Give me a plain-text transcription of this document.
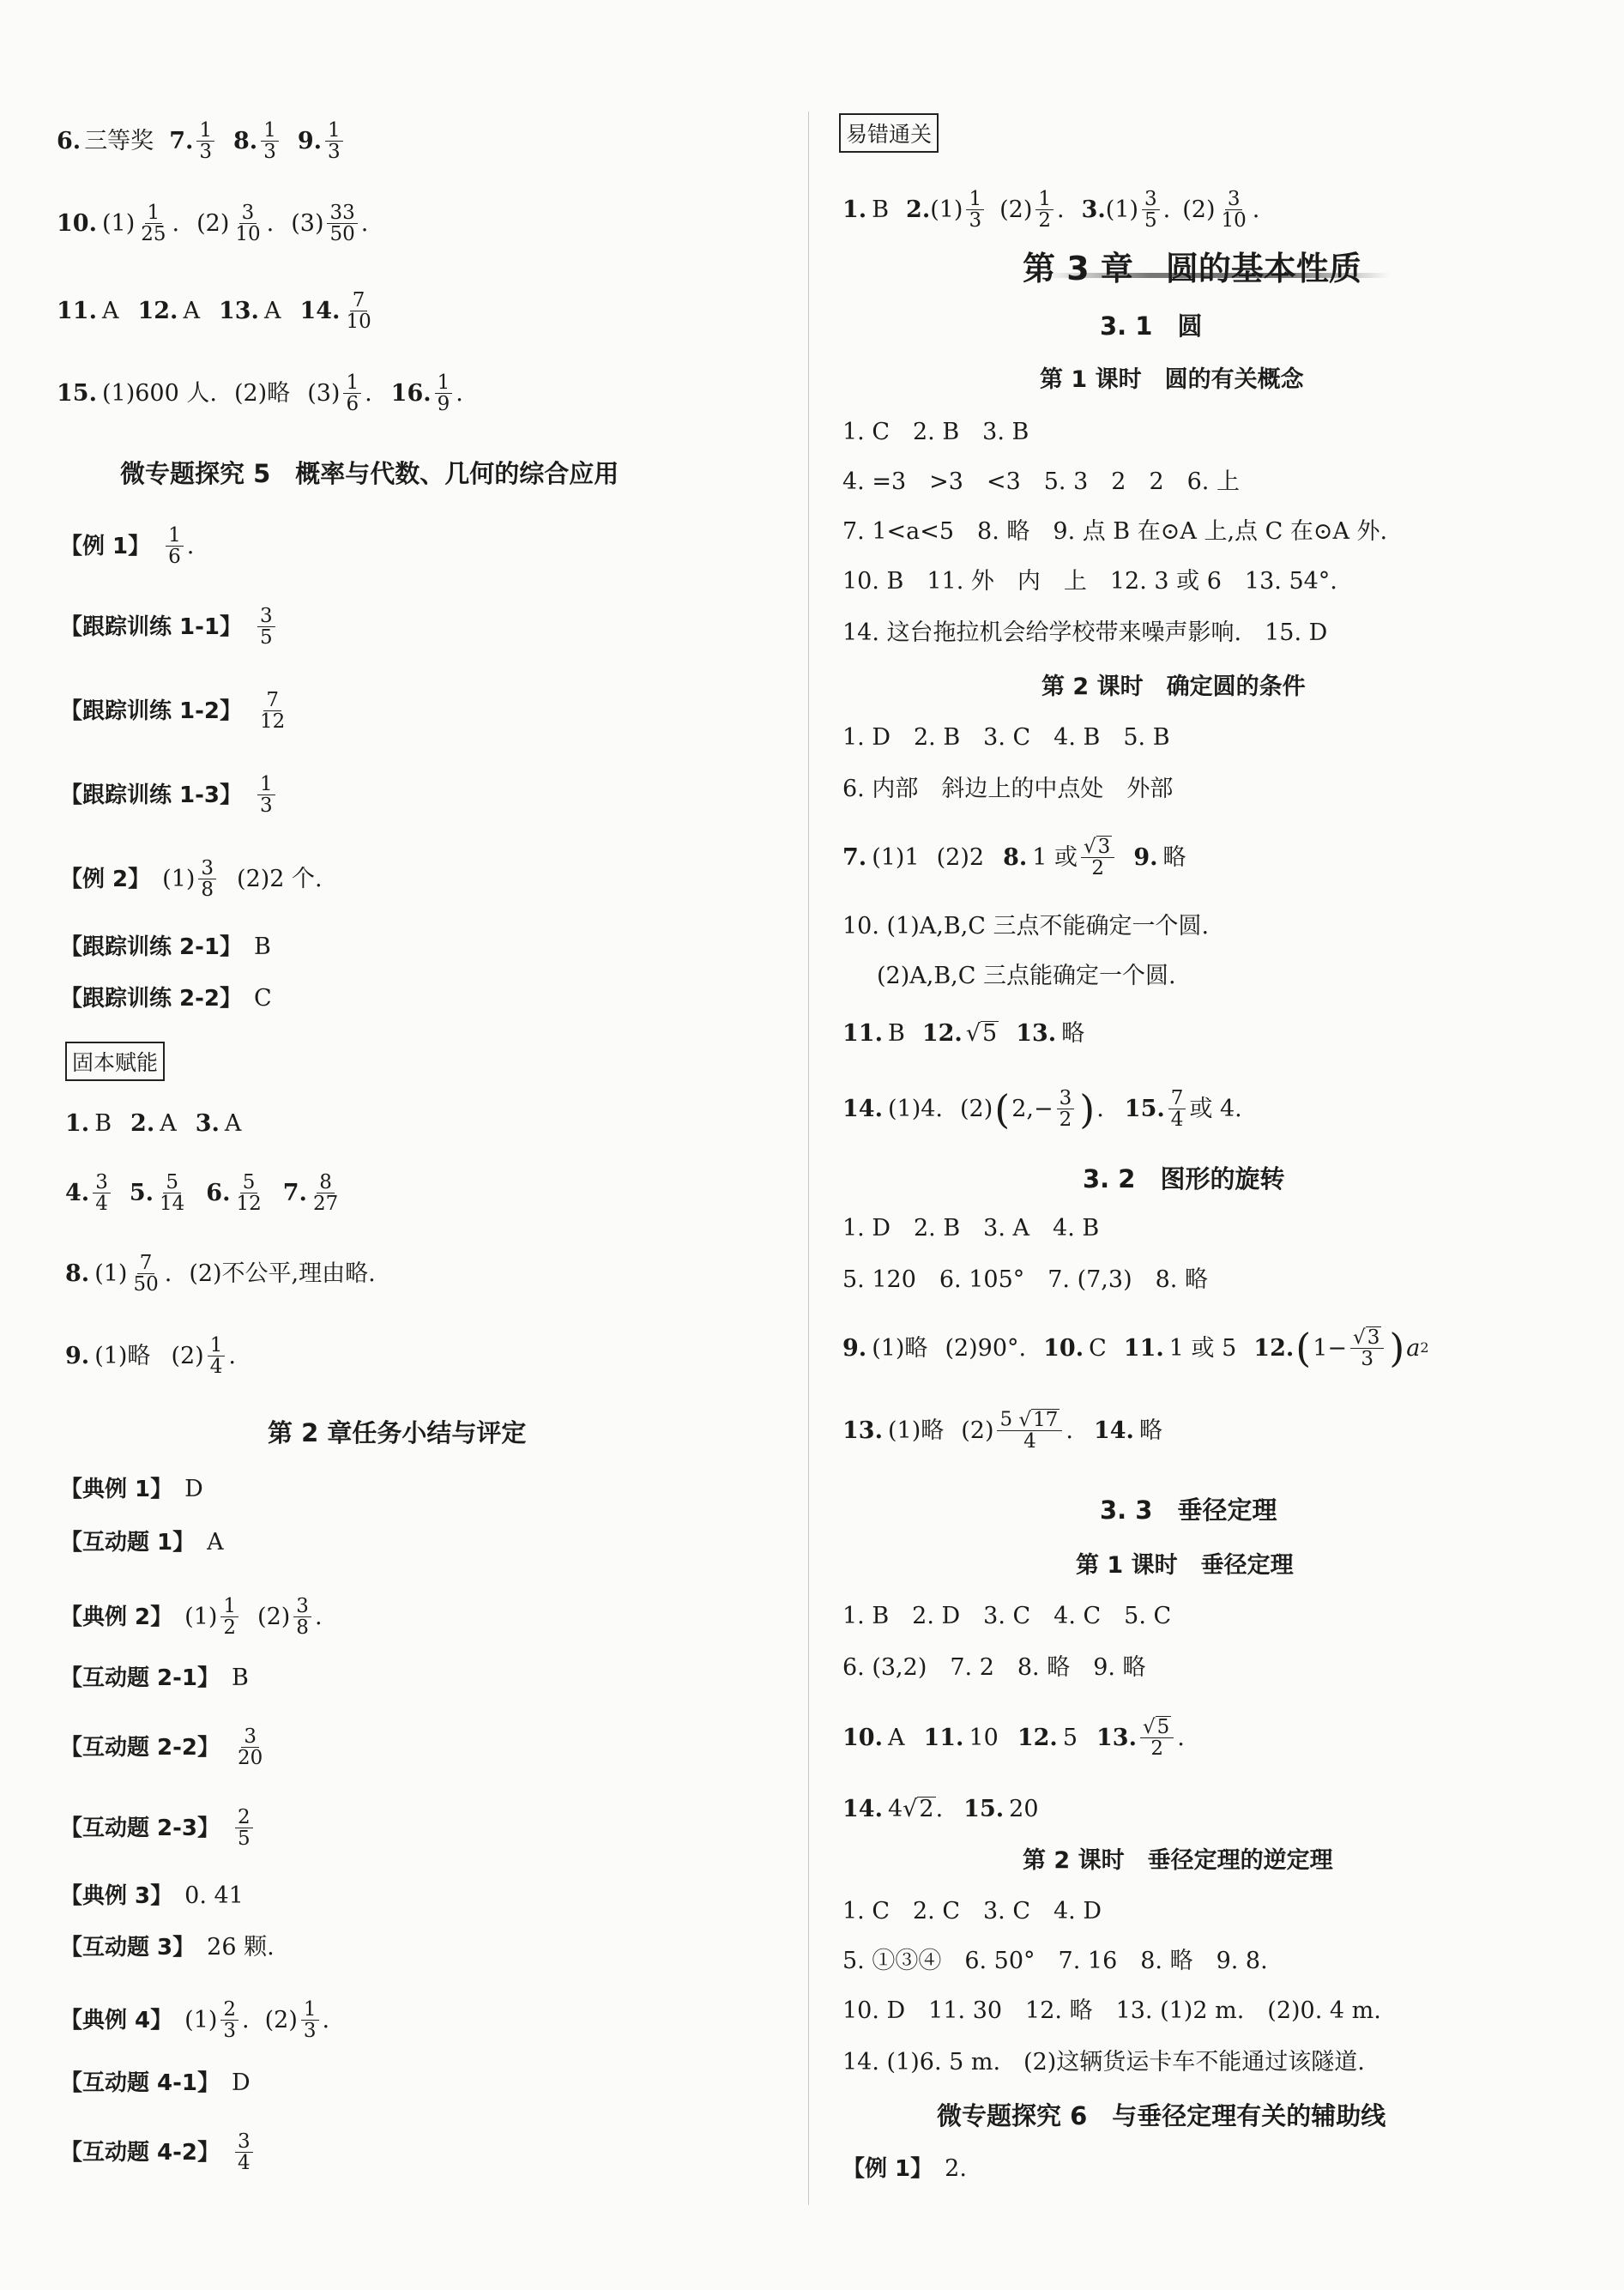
6. 三等奖 7. $\frac{1}{3} 8$. $\frac{1}{3} 9$. $\frac{1}{3}$
10. $(1) \frac{1}{25}$ . $(2) \frac{3}{10}$ . $(3) \frac{33}{50}$ .
11. A 12. A 13. A 14. $\frac{7}{10}$
15. (1)600 人. (2)略 $(3) \frac{1}{6}$ . 16. $\frac{1}{9}$ .
微专题探究 5　概率与代数、几何的综合应用
【例 1】 $\frac{1}{6}$ .
【跟踪训练 1-1】 $\frac{3}{5}$
【跟踪训练 1-2】 $\frac{7}{12}$
【跟踪训练 1-3】 $\frac{1}{3}$
【例 2】 $(1) \frac{3}{8} (2)2$ 个.
【跟踪训练 2-1】 B
【跟踪训练 2-2】 C
固本赋能
1. B 2. A 3. A
4. $\frac{3}{4} 5$. $\frac{5}{14} 6$. $\frac{5}{12} 7$. $\frac{8}{27}$
8. $(1) \frac{7}{50}$ . (2)不公平,理由略.
9. (1)略 $(2) \frac{1}{4}$ .
第 2 章任务小结与评定
【典例 1】 D
【互动题 1】 A
【典例 2】 $(1) \frac{1}{2} (2) \frac{3}{8}$ .
【互动题 2-1】 B
【互动题 2-2】 $\frac{3}{20}$
【互动题 2-3】 $\frac{2}{5}$
【典例 3】 0. 41
【互动题 3】 26 颗.
【典例 4】 $(1) \frac{2}{3}$ . $(2) \frac{1}{3}$ .
【互动题 4-1】 D
【互动题 4-2】 $\frac{3}{4}$
易错通关
1. B 2. $(1) \frac{1}{3} (2) \frac{1}{2}$ . 3. $(1) \frac{3}{5}$ . $(2) \frac{3}{10}$ .
第 3 章　圆的基本性质
3. 1　圆
第 1 课时　圆的有关概念
1. C　2. B　3. B
4. =3　>3　<3　5. 3　2　2　6. 上
7. 1<a<5　8. 略　9. 点 B 在⊙A 上,点 C 在⊙A 外.
10. B　11. 外　内　上　12. 3 或 6　13. 54°.
14. 这台拖拉机会给学校带来噪声影响.　15. D
第 2 课时　确定圆的条件
1. D　2. B　3. C　4. B　5. B
6. 内部　斜边上的中点处　外部
7. (1)1 (2)2 8. 1 或 $\frac{√ 3}{2} 9$. 略
10. (1)A,B,C 三点不能确定一个圆.
(2)A,B,C 三点能确定一个圆.
11. B 12. √ 5 13. 略
14. (1)4. (2) ( $2,- \frac{3}{2}$ ) . 15. $\frac{7}{4}$ 或 4.
3. 2　图形的旋转
1. D　2. B　3. A　4. B
5. 120　6. 105°　7. (7,3)　8. 略
9. (1)略 (2)90°. 10. C 11. 1 或 5 12. ( $1- \frac{√ 3}{3}$ ) a 2
13. (1)略 $(2) \frac{5 √ 17}{4}$ . 14. 略
3. 3　垂径定理
第 1 课时　垂径定理
1. B　2. D　3. C　4. C　5. C
6. (3,2)　7. 2　8. 略　9. 略
10. A 11. 10 12. 5 13. $\frac{√ 5}{2}$ .
14. 4 √ 2 . 15. 20
第 2 课时　垂径定理的逆定理
1. C　2. C　3. C　4. D
5. ①③④　6. 50°　7. 16　8. 略　9. 8.
10. D　11. 30　12. 略　13. (1)2 m.　(2)0. 4 m.
14. (1)6. 5 m.　(2)这辆货运卡车不能通过该隧道.
微专题探究 6　与垂径定理有关的辅助线
【例 1】 2.
